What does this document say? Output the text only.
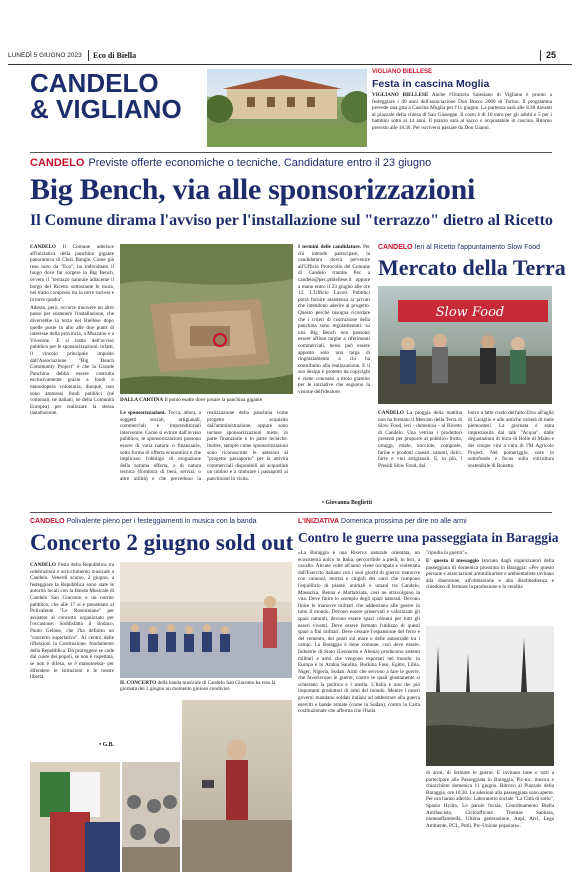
LUNEDÌ 5 GIUGNO 2023 Eco di Biella	25
CANDELO
& VIGLIANO
VIGLIANO BIELLESE
Festa in cascina Moglia
VIGLIANO BIELLESE Anche l'Oratorio Salesiano di Vigliano è pronto a festeggiare i 40 anni dell'associazione Don Bosco 2000 di Torino. Il programma prevede una gita a Cascina Moglia per l'11 giugno. La partenza sarà alle 8.30 davanti al piazzale della chiesa di San Giuseppe. Il costo è di 10 euro per gli adulti e 5 per i bambini sotto ai 14 anni. Il pranzo sarà al sacco o acquistabile in cascina. Ritorno previsto alle 18.30. Per iscriversi passare da Don Gianni.
CANDELO Previste offerte economiche o tecniche. Candidature entro il 23 giugno
Big Bench, via alle sponsorizzazioni
Il Comune dirama l'avviso per l'installazione sul "terrazzo" dietro al Ricetto

CANDELO Il Comune aderisce all'iniziativa della panchina gigante panoramica di Chris Bangle. Come già reso noto da "Eco", ha individuato il luogo dove far sorgere la Big Bench, ovvero il "terrazzo naturale adiacente il borgo del Ricetto sottostante le mura, nel tratto compreso tra la torre sud-est e la torre quadra".

Adesso, però, occorre muovere un altro passo per sostenere l'installazione, che diverrebbe la terza nel Biellese dopo quelle poste in alto alle due punti di interesse della provincia, a Muzzano e a Viverone. E si tratta dell'avviso pubblico per le sponsorizzazioni: infatti, il vincolo principale imposto dall'Associazione "Big Bench Community Project" è che la Grande Panchina debba essere costruita esclusivamente grazie a fondi o manodopera volontaria; dunque, non sono ammessi fondi pubblici (né comunali, né italiani, né della Comunità Europea) per realizzare la stessa installazione.

DALLA CARTINA Il punto esatto dove posare la panchina gigante
Le sponsorizzazioni. Tocca, allora, a soggetti sociali, artigianali, commerciali e imprenditoriali intervenire. Come si evince dall'avviso pubblico, le sponsorizzazioni possono essere di varia natura: o finanziarie, sotto forma di offerta economica e che implicano l'obbligo di erogazione della somma offerta, o di natura tecnica (fornitura di beni, servizi, o altre utilità) e che prevedono la realizzazione della panchina come progetto acquisito dall'amministrazione, oppure sono incluse sponsorizzazioni miste, in parte finanziarie e in parte tecniche. Inoltre, sempre come sponsorizzazioni sono riconosciute le adesioni al "progetto passaporto" per la attività commerciali disponibili ad acquistare un timbro e a timbrare i passaporti ai panchinisti in visita.
I termini delle candidature. Per chi intende partecipare, la candidatura dovrà pervenire all'Ufficio Protocollo del Comune di Candelo tramite Pec a candelo@pec.ptbiellese.it oppure a mano entro il 23 giugno alle ore 12. L'Ufficio Lavori Pubblici potrà fornire assistenza ai privati che intendono aderire al progetto. Questo perché bisogna ricordare che i criteri di costruzione della panchina sono regolamentati: su una Big Bench non possono essere affisse targhe a riferimenti commerciali, bensì può essere apposto solo una targa di ringraziamento a chi ha contribuito alla realizzazione. E il suo design è protetto da copyright e viene concesso a titolo gratuito per le iniziative che seguono la visione dell'ideatore.
• Giovanna Boglietti
CANDELO Ieri al Ricetto l'appuntamento Slow Food
Mercato della Terra
Slow Food
CANDELO La pioggia della mattina non ha fermato il Mercato della Terra di Slow Food, ieri - domenica - al Ricetto di Candelo. Una vetrina i produttori presenti per proporre al pubblico frutta, ortaggi, miele, nocciole, composte, farine e prodotti caseari, salumi, dolci, birre e vini artigianali. E, in più, i Presìdi Slow Food, dal
burro a latte crudo dell'alto Elvo all'aglio di Caraglio e alle antiche varietà di mele piemontesi. La giornata è stata impreziosita dal talk "Acqua", dalle degustazioni di birra di Bolle di Malto e dei cinque vini a cura di I'M Agricolo Project. Nel pomeriggio, note in sottofondo e focus sulla viticoltura sostenibile di Bonetto.
CANDELO Polivalente pieno per i festeggiamenti in musica con la banda
Concerto 2 giugno sold out
CANDELO Festa della Repubblica tra celebrazioni e arricchimento musicale a Candelo. Venerdì scorso, 2 giugno, a festeggiare la Repubblica sono state le autorità locali con la Banda Musicale di Candelo San Giacomo e un nutrito pubblico, che alle 17 si è presentato al Polivalente "Le Rosminiane" per assistere al concerto organizzato per l'occasione. Soddisfatto il sindaco, Paolo Gelone, che l'ha definito un "concerto superlativo". Al centro delle riflessioni la Costituzione, fondamento della Repubblica. Da proteggere se cade dal cuore dei popoli, se non è rispettata, se non è difesa, se è manomessa- per difendere le istituzioni e le nostre libertà.
• G.B.
IL CONCERTO della banda musicale di Candelo San Giacomo ha reso la giornata del 2 giugno un momento gioioso condiviso
L'INIZIATIVA Domenica prossima per dire no alle armi
Contro le guerre una passeggiata in Baraggia
«La Baraggia è una Riserva naturale orientata, un ecosistema unico in Italia, percorribile a piedi, in bici, a cavallo. Alcune volte all'anno viene occupata e violentata dall'Esercito italiano con i suoi giochi di guerra: manovre con cannoni, mortai e cingoli dei carri che rompono l'equilibrio di piante, animali e umani tra Candelo, Massazza, Benna e Mottalciata, così ne stravolgono la vita. Deve finire lo scempio degli spazi naturali. Devono finire le manovre militari che addestrano alle guerre in tutto il mondo. Devono essere preservati e valorizzati gli spazi naturali, devono essere spazi comuni per tutti gli esseri viventi. Deve essere fermato l'utilizzo di questi spazi a fini militari. Deve cessare l'espansione del ferro e del cemento, dei ponti sul mare e delle autostrade tra i campi. La Baraggia è bene comune, così deve essere. Industrie di Stato (Leonardo e Alenia) producono sistemi militari e armi che vengono esportati nel mondo: in Europa e in Arabia Saudita, Burkina Faso, Egitto, Libia, Niger, Nigeria, Sudan. Armi che servono a fare le guerre, che favoriscono le guerre, contro le quali giustamente si schierano la politica e i media. L'Italia è uno dei più importanti produttori di armi del mondo. Mentre i nostri governi mandano soldati italiani ad addestrare alla guerra eserciti e bande armate (come in Sudan), contro la Carta costituzionale che afferma che l'Italia

"ripudia la guerra"».

E' questo il messaggio lanciato dagli organizzatori della passeggiata di domenica prossima in Baraggia: «Per questo persone e associazioni antimilitariste e ambientaliste invitano alla diserzione, all'obbiezione e alla disobbedienza e chiedono di fermare la produzione e la vendita

di armi, di fermare le guerre. E invitano tutte e tutti a partecipare alla Passeggiata in Baraggia, Pic-nic, musica e chiacchiere domenica 11 giugno. Ritrovo al Piazzale della Baraggia, ore 10.30. Le adesioni alla passeggiata sono aperte. Per ora hanno aderito: Laboratorio sociale "La Città di sotto", Spazio Hydro, Le parole fucsia, Coordinamento Biella Antifascista, Cicloofficina Thomas Sankara, nomeadfarebella, Ultima generazione, Anpi, Arci, Lega Ambiente, PCL, Pmli, Prc-Unione popolare».
